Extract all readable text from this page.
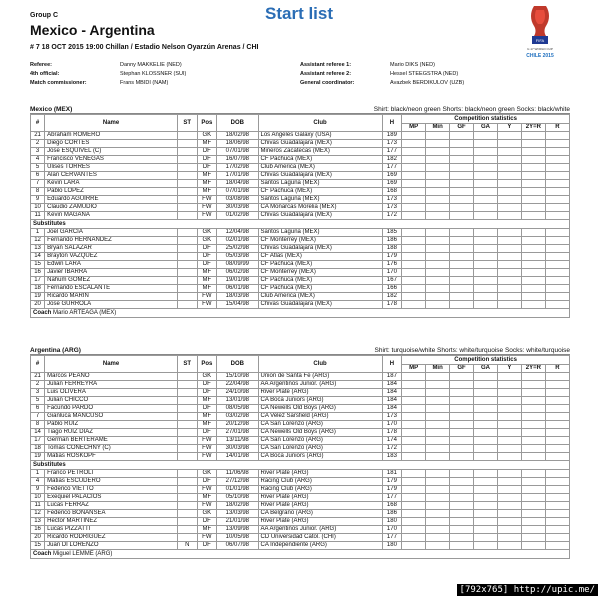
Group C
Mexico - Argentina
Start list
FIFA
U-17 WORLD CUP
CHILE 2015
# 7 18 OCT 2015 19:00 Chillan / Estadio Nelson Oyarzún Arenas / CHI
Referee:	Danny MAKKELIE (NED)	Assistant referee 1:	Mario DIKS (NED)
4th official:	Stephan KLOSSNER (SUI)	Assistant referee 2:	Hessel STEEGSTRA (NED)
Match commissioner:	Frans MBIDI (NAM)	General coordinator:	Avazbek BERDIKULOV (UZB)
Mexico (MEX)	Shirt: black/neon green Shorts: black/neon green Socks: black/white
#	Name	ST	Pos	DOB	Club	H	Competition statistics						
							MP	Min	GF	GA	Y	2Y=R	R
21	Abraham ROMERO		GK	18/02/98	Los Angeles Galaxy (USA)	189							
2	Diego CORTES		MF	18/06/98	Chivas Guadalajara (MEX)	173							
3	Jose ESQUIVEL (C)		DF	07/01/98	Mineros Zacatecas (MEX)	177							
4	Francisco VENEGAS		DF	16/07/98	CF Pachuca (MEX)	182							
5	Ulises TORRES		DF	17/02/98	Club America (MEX)	177							
6	Alan CERVANTES		MF	17/01/98	Chivas Guadalajara (MEX)	169							
7	Kevin LARA		MF	18/04/98	Santos Laguna (MEX)	169							
8	Pablo LOPEZ		MF	07/01/98	CF Pachuca (MEX)	168							
9	Eduardo AGUIRRE		FW	03/08/98	Santos Laguna (MEX)	173							
10	Claudio ZAMUDIO		FW	30/03/98	CA Monarcas Morelia (MEX)	173							
11	Kevin MAGANA		FW	01/02/98	Chivas Guadalajara (MEX)	172							
Substitutes													
1	Joel GARCIA		GK	12/04/98	Santos Laguna (MEX)	185							
12	Fernando HERNANDEZ		GK	02/01/98	CF Monterrey (MEX)	186							
13	Bryan SALAZAR		DF	25/02/98	Chivas Guadalajara (MEX)	188							
14	Brayton VAZQUEZ		DF	05/03/98	CF Atlas (MEX)	179							
15	Edwin LARA		DF	08/09/99	CF Pachuca (MEX)	176							
16	Javier IBARRA		MF	06/02/98	CF Monterrey (MEX)	170							
17	Nahum GOMEZ		MF	19/01/98	CF Pachuca (MEX)	167							
18	Fernando ESCALANTE		MF	06/01/98	CF Pachuca (MEX)	166							
19	Ricardo MARIN		FW	18/03/98	Club America (MEX)	182							
20	Jose GURROLA		FW	15/04/98	Chivas Guadalajara (MEX)	178							
Coach Mario ARTEAGA (MEX)													
Argentina (ARG)	Shirt: turquoise/white Shorts: white/turquoise Socks: white/turquoise
#	Name	ST	Pos	DOB	Club	H	Competition statistics						
							MP	Min	GF	GA	Y	2Y=R	R
21	Marcos PEANO		GK	15/10/98	Union de Santa Fe (ARG)	187							
2	Julian FERREYRA		DF	22/04/98	AA Argentinos Junior. (ARG)	184							
3	Luis OLIVERA		DF	24/10/98	River Plate (ARG)	184							
5	Julian CHICCO		MF	13/01/98	CA Boca Juniors (ARG)	184							
6	Facundo PARDO		DF	08/05/98	CA Newells Old Boys (ARG)	184							
7	Gianluca MANCUSO		MF	03/02/98	CA Velez Sarsfield (ARG)	173							
8	Pablo RUIZ		MF	20/12/98	CA San Lorenzo (ARG)	170							
14	Tiago RUIZ DIAZ		DF	27/01/98	CA Newells Old Boys (ARG)	178							
17	German BERTERAME		FW	13/11/98	CA San Lorenzo (ARG)	174							
18	Tomas CONECHNY (C)		FW	30/03/98	CA San Lorenzo (ARG)	172							
19	Matias ROSKOPF		FW	14/01/98	CA Boca Juniors (ARG)	183							
Substitutes													
1	Franco PETROLI		GK	11/06/98	River Plate (ARG)	181							
4	Matias ESCUDERO		DF	27/12/98	Racing Club (ARG)	179							
9	Federico VIETTO		FW	01/01/98	Racing Club (ARG)	179							
10	Exequiel PALACIOS		MF	05/10/98	River Plate (ARG)	177							
11	Lucas FERRAZ		FW	18/02/98	River Plate (ARG)	168							
12	Federico BONANSEA		GK	13/03/98	CA Belgrano (ARG)	186							
13	Hector MARTINEZ		DF	21/01/98	River Plate (ARG)	180							
16	Lucas PIZZATTI		MF	13/09/98	AA Argentinos Junior. (ARG)	170							
20	Ricardo RODRIGUEZ		FW	10/05/98	CD Universidad Catol. (CHI)	177							
15	Juan DI LORENZO	N	DF	06/07/98	CA Independiente (ARG)	180							
Coach Miguel LEMME (ARG)													
[792x765] http://upic.me/
